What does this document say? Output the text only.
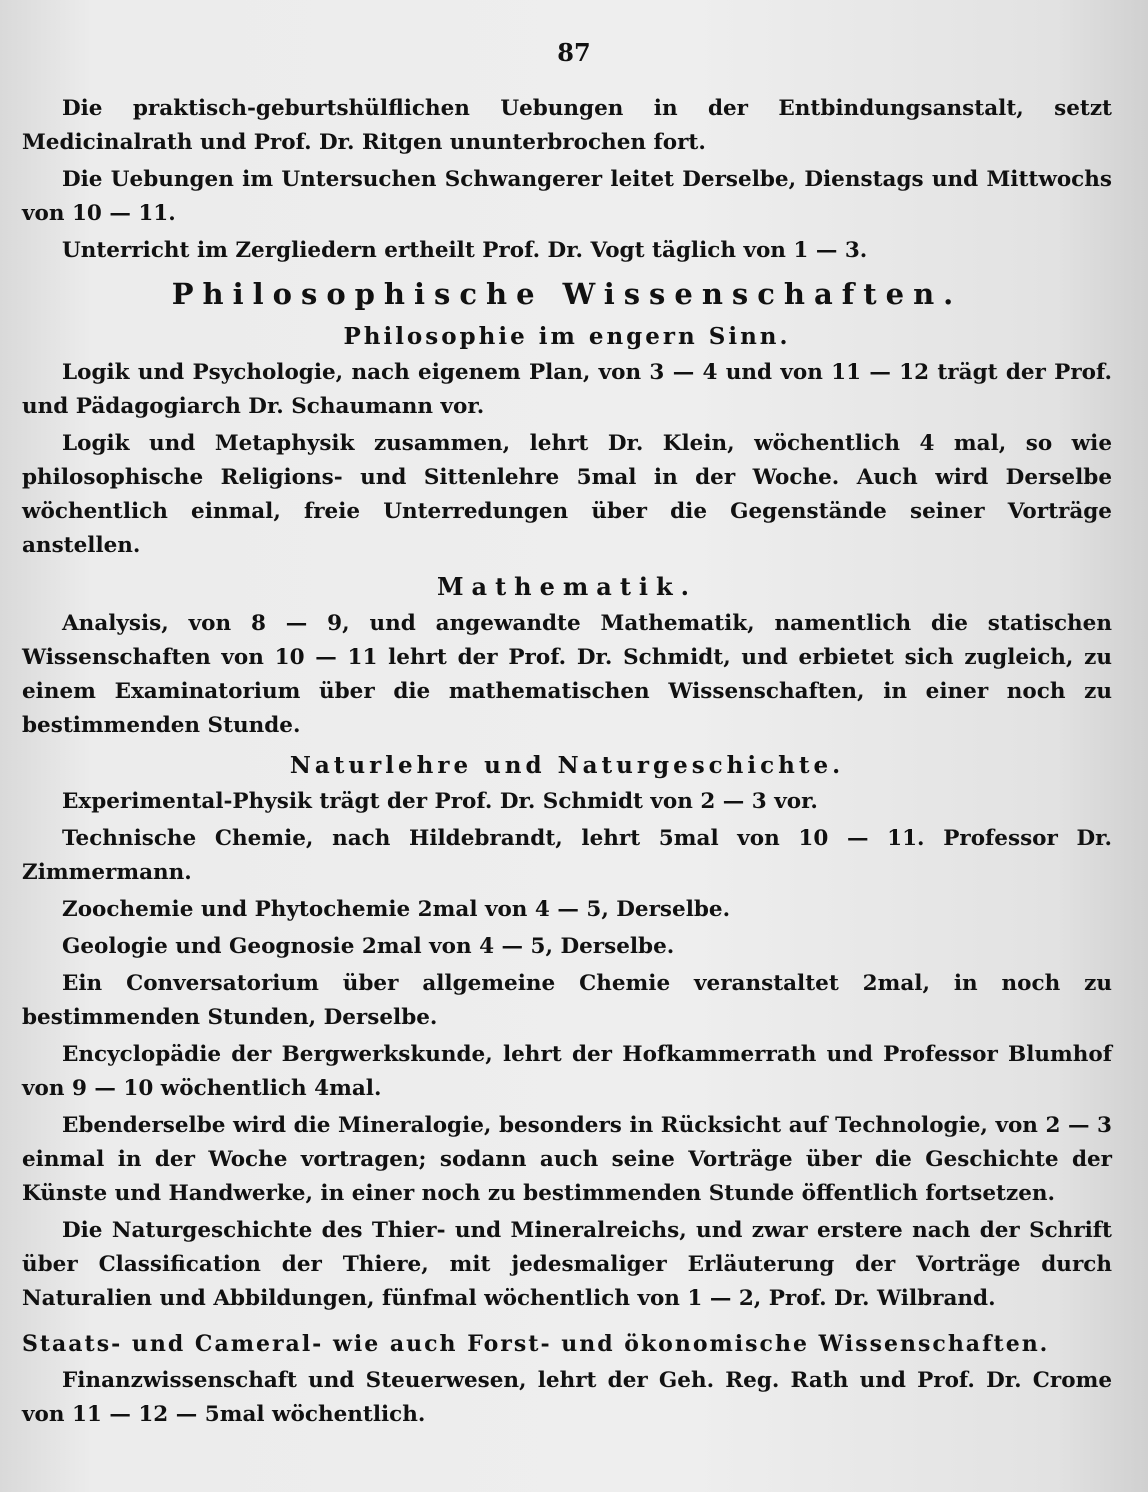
87

Die praktisch-geburtshülflichen Uebungen in der Entbindungsanstalt, setzt Medicinalrath und Prof. Dr. Ritgen ununterbrochen fort.

Die Uebungen im Untersuchen Schwangerer leitet Derselbe, Dienstags und Mittwochs von 10 — 11.

Unterricht im Zergliedern ertheilt Prof. Dr. Vogt täglich von 1 — 3.

Philosophische Wissenschaften.
Philosophie im engern Sinn.

Logik und Psychologie, nach eigenem Plan, von 3 — 4 und von 11 — 12 trägt der Prof. und Pädagogiarch Dr. Schaumann vor.

Logik und Metaphysik zusammen, lehrt Dr. Klein, wöchentlich 4 mal, so wie philosophische Religions- und Sittenlehre 5mal in der Woche. Auch wird Derselbe wöchentlich einmal, freie Unterredungen über die Gegenstände seiner Vorträge anstellen.

Mathematik.

Analysis, von 8 — 9, und angewandte Mathematik, namentlich die statischen Wissenschaften von 10 — 11 lehrt der Prof. Dr. Schmidt, und erbietet sich zugleich, zu einem Examinatorium über die mathematischen Wissenschaften, in einer noch zu bestimmenden Stunde.

Naturlehre und Naturgeschichte.

Experimental-Physik trägt der Prof. Dr. Schmidt von 2 — 3 vor.

Technische Chemie, nach Hildebrandt, lehrt 5mal von 10 — 11. Professor Dr. Zimmermann.

Zoochemie und Phytochemie 2mal von 4 — 5, Derselbe.

Geologie und Geognosie 2mal von 4 — 5, Derselbe.

Ein Conversatorium über allgemeine Chemie veranstaltet 2mal, in noch zu bestimmenden Stunden, Derselbe.

Encyclopädie der Bergwerkskunde, lehrt der Hofkammerrath und Professor Blumhof von 9 — 10 wöchentlich 4mal.

Ebenderselbe wird die Mineralogie, besonders in Rücksicht auf Technologie, von 2 — 3 einmal in der Woche vortragen; sodann auch seine Vorträge über die Geschichte der Künste und Handwerke, in einer noch zu bestimmenden Stunde öffentlich fortsetzen.

Die Naturgeschichte des Thier- und Mineralreichs, und zwar erstere nach der Schrift über Classification der Thiere, mit jedesmaliger Erläuterung der Vorträge durch Naturalien und Abbildungen, fünfmal wöchentlich von 1 — 2, Prof. Dr. Wilbrand.

Staats- und Cameral- wie auch Forst- und ökonomische Wissenschaften.

Finanzwissenschaft und Steuerwesen, lehrt der Geh. Reg. Rath und Prof. Dr. Crome von 11 — 12 — 5mal wöchentlich.
